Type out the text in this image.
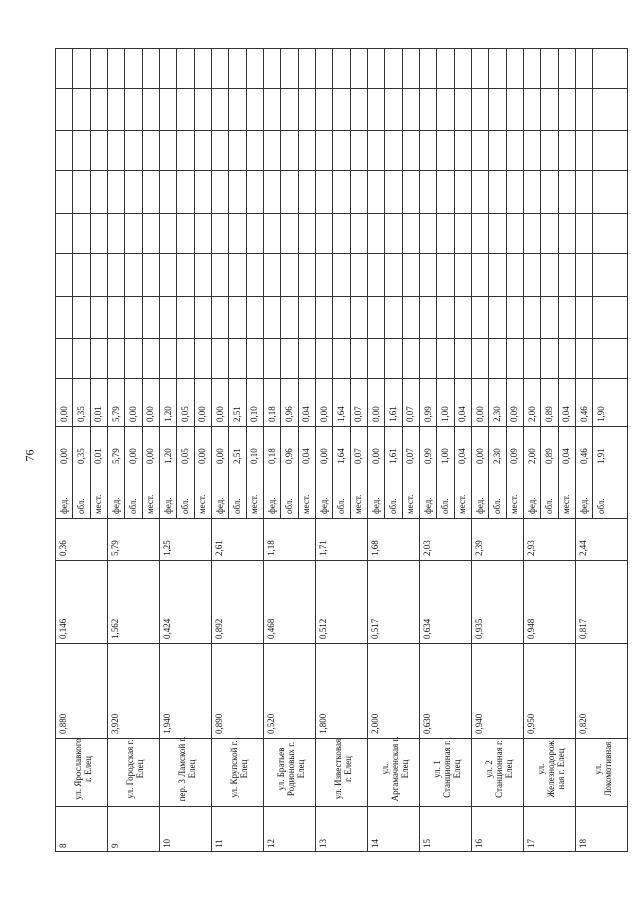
76
8
ул. Ярославкого г. Елец
0,880
0,146
0,36
фед.
0,00
0,00
обл.
0,35
0,35
мест.
0,01
0,01
9
ул. Городская г. Елец
3,920
1,562
5,79
фед.
5,79
5,79
обл.
0,00
0,00
мест.
0,00
0,00
10
пер. 3 Ламской г. Елец
1,940
0,424
1,25
фед.
1,20
1,20
обл.
0,05
0,05
мест.
0,00
0,00
11
ул. Крупской г. Елец
0,890
0,892
2,61
фед.
0,00
0,00
обл.
2,51
2,51
мест.
0,10
0,10
12
ул. Братьев Родионовых г. Елец
0,520
0,468
1,18
фед.
0,18
0,18
обл.
0,96
0,96
мест.
0,04
0,04
13
ул. Известковая г. Елец
1,800
0,512
1,71
фед.
0,00
0,00
обл.
1,64
1,64
мест.
0,07
0,07
14
ул. Аргамаченская г. Елец
2,000
0,517
1,68
фед.
0,00
0,00
обл.
1,61
1,61
мест.
0,07
0,07
15
ул. 1 Станционная г. Елец
0,630
0,634
2,03
фед.
0,99
0,99
обл.
1,00
1,00
мест.
0,04
0,04
16
ул. 2 Станционная г. Елец
0,940
0,935
2,39
фед.
0,00
0,00
обл.
2,30
2,30
мест.
0,09
0,09
17
ул. Железнодорож ная г. Елец
0,950
0,948
2,93
фед.
2,00
2,00
обл.
0,89
0,89
мест.
0,04
0,04
18
ул. Локомотивная
0,820
0,817
2,44
фед.
0,46
0,46
обл.
1,91
1,90
